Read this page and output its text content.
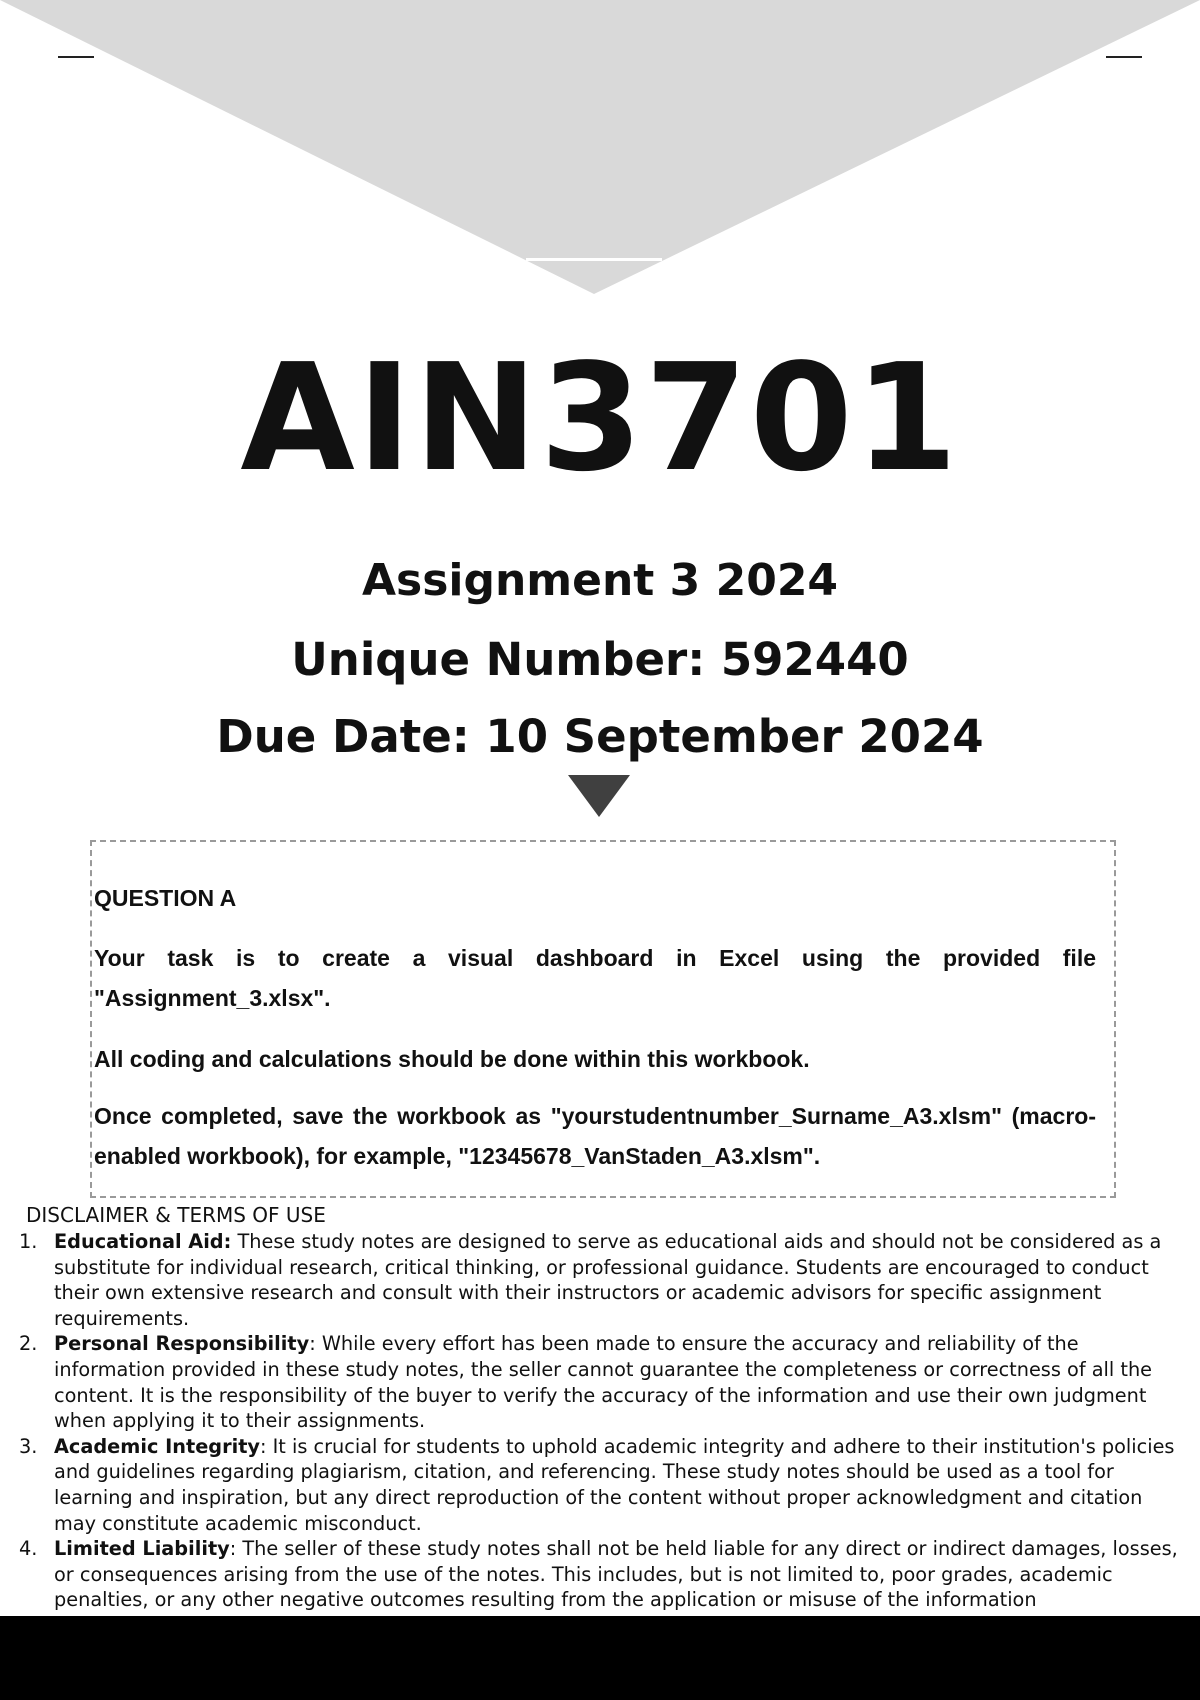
AIN3701
Assignment 3 2024
Unique Number: 592440
Due Date: 10 September 2024
QUESTION A
Your task is to create a visual dashboard in Excel using the provided file "Assignment_3.xlsx".
All coding and calculations should be done within this workbook.
Once completed, save the workbook as "yourstudentnumber_Surname_A3.xlsm" (macro-enabled workbook), for example, "12345678_VanStaden_A3.xlsm".
DISCLAIMER & TERMS OF USE
1. Educational Aid: These study notes are designed to serve as educational aids and should not be considered as a substitute for individual research, critical thinking, or professional guidance. Students are encouraged to conduct their own extensive research and consult with their instructors or academic advisors for specific assignment requirements.
2. Personal Responsibility: While every effort has been made to ensure the accuracy and reliability of the information provided in these study notes, the seller cannot guarantee the completeness or correctness of all the content. It is the responsibility of the buyer to verify the accuracy of the information and use their own judgment when applying it to their assignments.
3. Academic Integrity: It is crucial for students to uphold academic integrity and adhere to their institution's policies and guidelines regarding plagiarism, citation, and referencing. These study notes should be used as a tool for learning and inspiration, but any direct reproduction of the content without proper acknowledgment and citation may constitute academic misconduct.
4. Limited Liability: The seller of these study notes shall not be held liable for any direct or indirect damages, losses, or consequences arising from the use of the notes. This includes, but is not limited to, poor grades, academic penalties, or any other negative outcomes resulting from the application or misuse of the information
